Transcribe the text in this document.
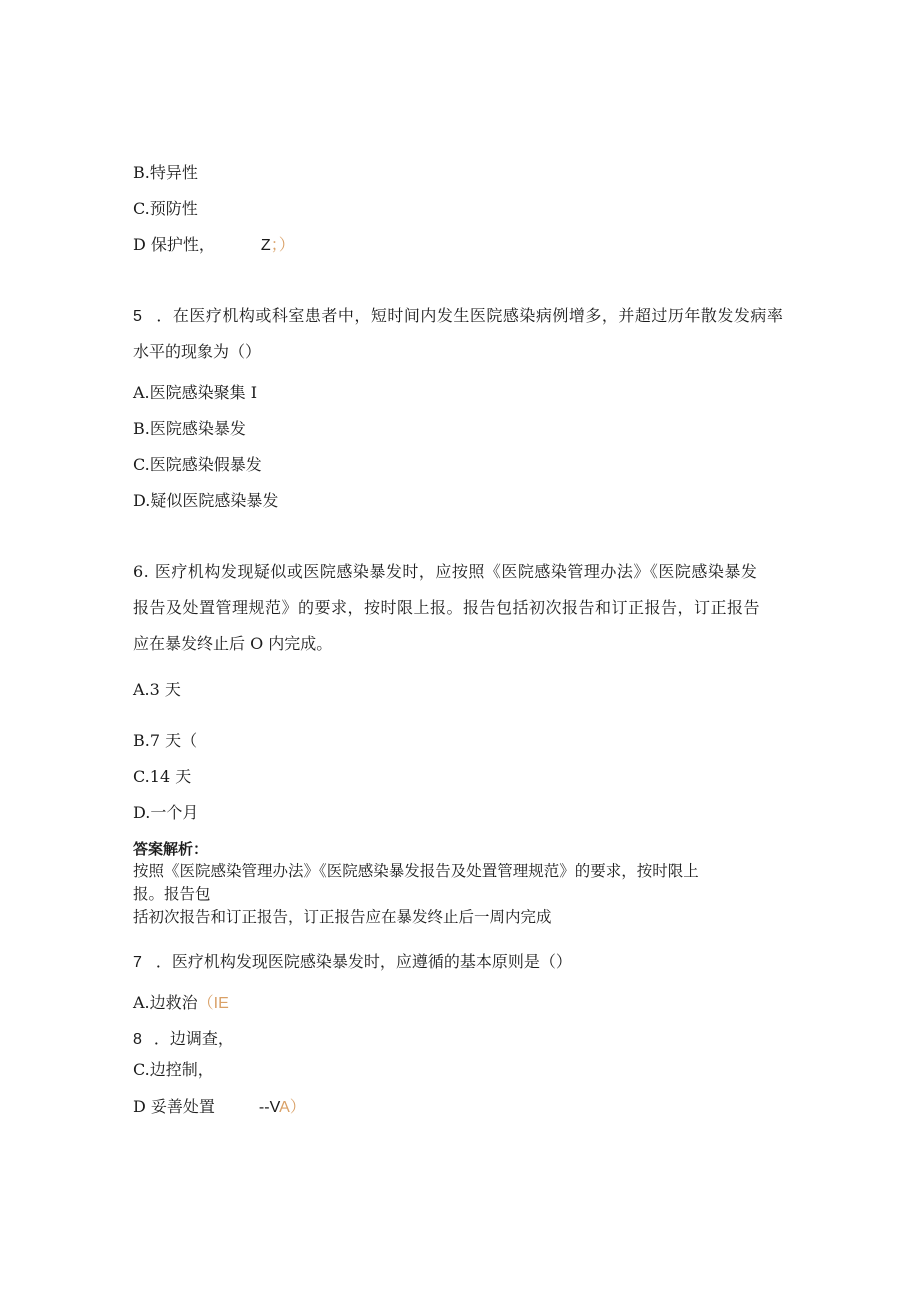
B.特异性
C.预防性
D 保护性，	Z；）
5 ．在医疗机构或科室患者中，短时间内发生医院感染病例增多，并超过历年散发发病率
水平的现象为（）
A.医院感染聚集 I
B.医院感染暴发
C.医院感染假暴发
D.疑似医院感染暴发
6. 医疗机构发现疑似或医院感染暴发时，应按照《医院感染管理办法》《医院感染暴发
报告及处置管理规范》的要求，按时限上报。报告包括初次报告和订正报告，订正报告
应在暴发终止后 O 内完成。
A.3 天
B.7 天（
C.14 天
D.一个月
答案解析：
按照《医院感染管理办法》《医院感染暴发报告及处置管理规范》的要求，按时限上
报。报告包
括初次报告和订正报告，订正报告应在暴发终止后一周内完成
7 ．医疗机构发现医院感染暴发时，应遵循的基本原则是（）
A.边救治（IE
8 ．边调查，
C.边控制，
D 妥善处置	--VA）
